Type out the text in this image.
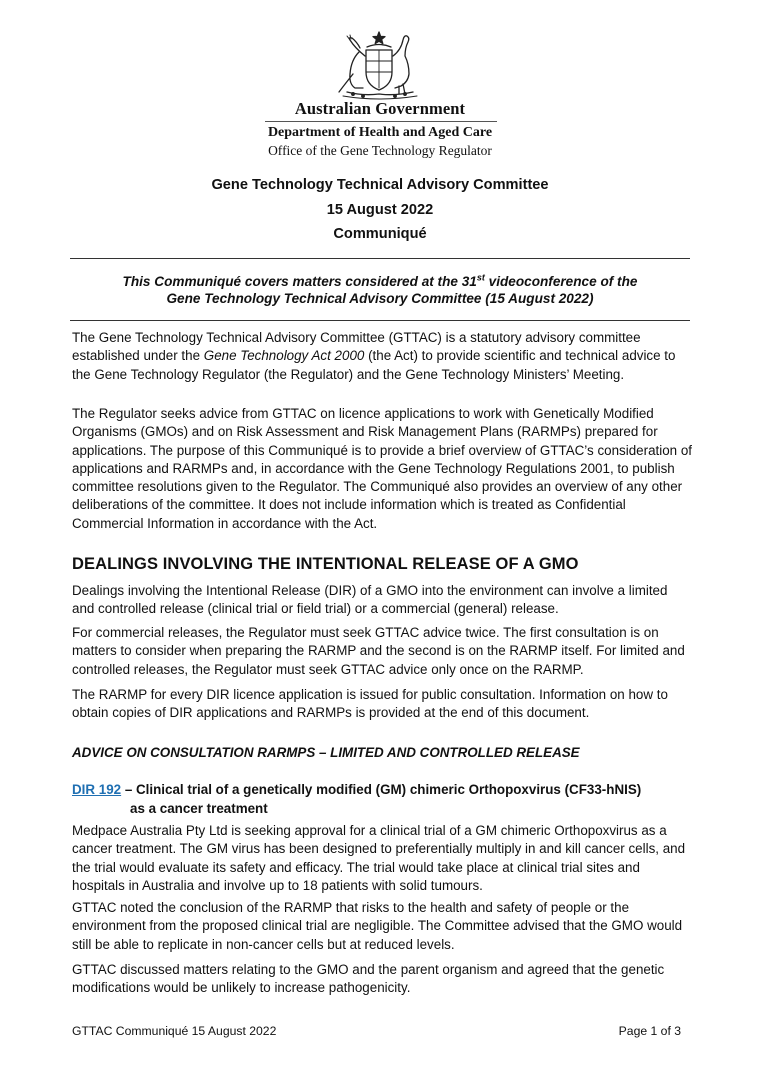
Australian Government
Department of Health and Aged Care
Office of the Gene Technology Regulator
Gene Technology Technical Advisory Committee
15 August 2022
Communiqué
This Communiqué covers matters considered at the 31st videoconference of the
Gene Technology Technical Advisory Committee (15 August 2022)

The Gene Technology Technical Advisory Committee (GTTAC) is a statutory advisory committee established under the Gene Technology Act 2000 (the Act) to provide scientific and technical advice to the Gene Technology Regulator (the Regulator) and the Gene Technology Ministers’ Meeting.

The Regulator seeks advice from GTTAC on licence applications to work with Genetically Modified Organisms (GMOs) and on Risk Assessment and Risk Management Plans (RARMPs) prepared for applications. The purpose of this Communiqué is to provide a brief overview of GTTAC’s consideration of applications and RARMPs and, in accordance with the Gene Technology Regulations 2001, to publish committee resolutions given to the Regulator. The Communiqué also provides an overview of any other deliberations of the committee. It does not include information which is treated as Confidential Commercial Information in accordance with the Act.

DEALINGS INVOLVING THE INTENTIONAL RELEASE OF A GMO

Dealings involving the Intentional Release (DIR) of a GMO into the environment can involve a limited and controlled release (clinical trial or field trial) or a commercial (general) release.

For commercial releases, the Regulator must seek GTTAC advice twice. The first consultation is on matters to consider when preparing the RARMP and the second is on the RARMP itself. For limited and controlled releases, the Regulator must seek GTTAC advice only once on the RARMP.

The RARMP for every DIR licence application is issued for public consultation. Information on how to obtain copies of DIR applications and RARMPs is provided at the end of this document.

ADVICE ON CONSULTATION RARMPS – LIMITED AND CONTROLLED RELEASE
DIR 192 – Clinical trial of a genetically modified (GM) chimeric Orthopoxvirus (CF33-hNIS)
as a cancer treatment

Medpace Australia Pty Ltd is seeking approval for a clinical trial of a GM chimeric Orthopoxvirus as a cancer treatment. The GM virus has been designed to preferentially multiply in and kill cancer cells, and the trial would evaluate its safety and efficacy. The trial would take place at clinical trial sites and hospitals in Australia and involve up to 18 patients with solid tumours.

GTTAC noted the conclusion of the RARMP that risks to the health and safety of people or the environment from the proposed clinical trial are negligible. The Committee advised that the GMO would still be able to replicate in non-cancer cells but at reduced levels.

GTTAC discussed matters relating to the GMO and the parent organism and agreed that the genetic modifications would be unlikely to increase pathogenicity.

GTTAC Communiqué 15 August 2022	Page 1 of 3
